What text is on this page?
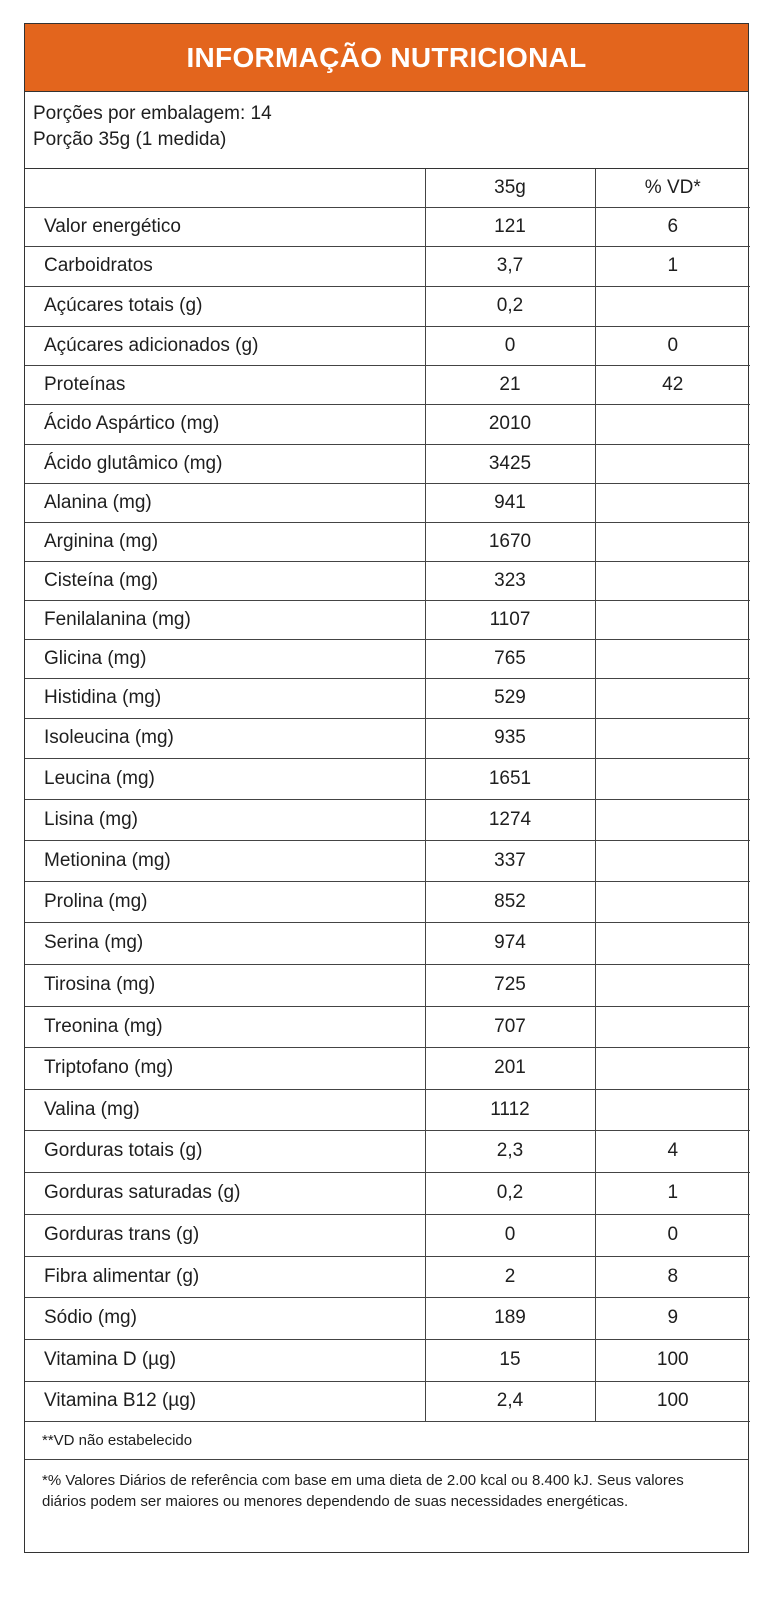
INFORMAÇÃO NUTRICIONAL
Porções por embalagem: 14
Porção 35g (1 medida)
	35g	% VD*
Valor energético	121	6
Carboidratos	3,7	1
Açúcares totais (g)	0,2	
Açúcares adicionados (g)	0	0
Proteínas	21	42
Ácido Aspártico (mg)	2010	
Ácido glutâmico (mg)	3425	
Alanina (mg)	941	
Arginina (mg)	1670	
Cisteína (mg)	323	
Fenilalanina (mg)	1107	
Glicina (mg)	765	
Histidina (mg)	529	
Isoleucina (mg)	935	
Leucina (mg)	1651	
Lisina (mg)	1274	
Metionina (mg)	337	
Prolina (mg)	852	
Serina (mg)	974	
Tirosina (mg)	725	
Treonina (mg)	707	
Triptofano (mg)	201	
Valina (mg)	1112	
Gorduras totais (g)	2,3	4
Gorduras saturadas (g)	0,2	1
Gorduras trans (g)	0	0
Fibra alimentar (g)	2	8
Sódio (mg)	189	9
Vitamina D (µg)	15	100
Vitamina B12 (µg)	2,4	100
**VD não estabelecido
*% Valores Diários de referência com base em uma dieta de 2.00 kcal ou 8.400 kJ. Seus valores diários podem ser maiores ou menores dependendo de suas necessidades energéticas.
